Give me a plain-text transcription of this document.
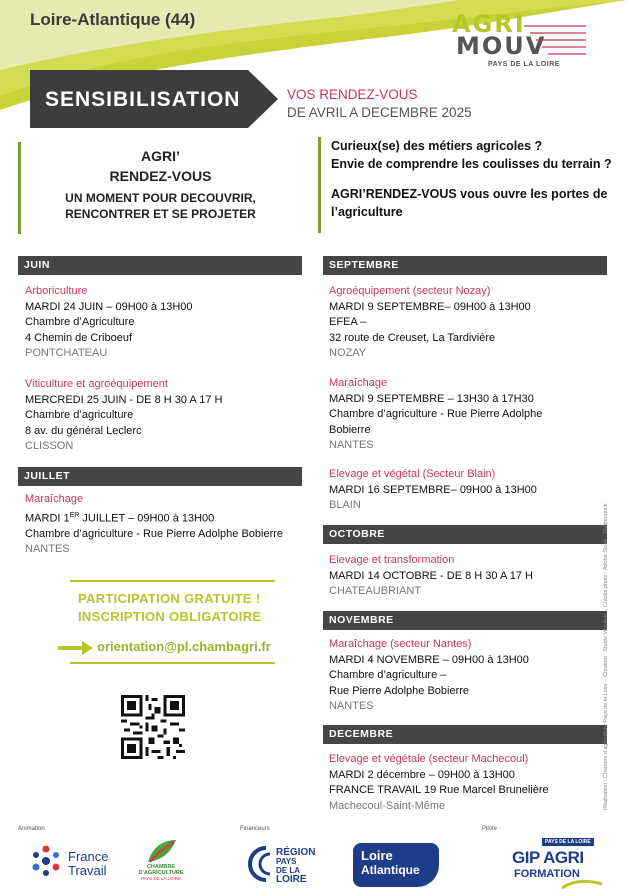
Loire-Atlantique (44)	AGRI
MOUV
PAYS DE LA LOIRE
SENSIBILISATION	VOS RENDEZ-VOUS
DE AVRIL A DECEMBRE 2025
AGRI’
RENDEZ-VOUS
UN MOMENT POUR DECOUVRIR,
RENCONTRER ET SE PROJETER
Curieux(se) des métiers agricoles ?
Envie de comprendre les coulisses du terrain ?
AGRI’RENDEZ-VOUS vous ouvre les portes de
l’agriculture
JUIN
Arboriculture
MARDI 24 JUIN – 09H00 à 13H00
Chambre d’Agriculture
4 Chemin de Criboeuf
PONTCHATEAU
Viticulture et agroéquipement
MERCREDI 25 JUIN - DE 8 H 30 A 17 H
Chambre d’agriculture
8 av. du général Leclerc
CLISSON
JUILLET
Maraîchage
MARDI 1ER JUILLET – 09H00 à 13H00
Chambre d’agriculture - Rue Pierre Adolphe Bobierre
NANTES
PARTICIPATION GRATUITE !
INSCRIPTION OBLIGATOIRE
orientation@pl.chambagri.fr
SEPTEMBRE
Agroéquipement (secteur Nozay)
MARDI 9 SEPTEMBRE– 09H00 à 13H00
EFEA –
32 route de Creuset, La Tardivière
NOZAY
Maraîchage
MARDI 9 SEPTEMBRE – 13H30 à 17H30
Chambre d’agriculture - Rue Pierre Adolphe
Bobierre
NANTES
Elevage et végétal (Secteur Blain)
MARDI 16 SEPTEMBRE– 09H00 à 13H00
BLAIN
OCTOBRE
Elevage et transformation
MARDI 14 OCTOBRE - DE 8 H 30 A 17 H
CHATEAUBRIANT
NOVEMBRE
Maraîchage (secteur Nantes)
MARDI 4 NOVEMBRE – 09H00 à 13H00
Chambre d’agriculture –
Rue Pierre Adolphe Bobierre
NANTES
DECEMBRE
Elevage et végétale (secteur Machecoul)
MARDI 2 décembre – 09H00 à 13H00
FRANCE TRAVAIL 19 Rue Marcel Brunelière
Machecoul-Saint-Même	Réalisation : Chambre d’agriculture Pays de la Loire – Création : Studio Vert Avis – Crédits photo : Adobe Stock - Shutterstock
Animation	Financeurs	Pilote
France
Travail	CHAMBRE
D’AGRICULTURE
PAYS DE LA LOIRE
RÉGION
PAYS
DE LA
LOIRE
Loire
Atlantique
PAYS DE LA LOIRE
GIP AGRI
FORMATION
